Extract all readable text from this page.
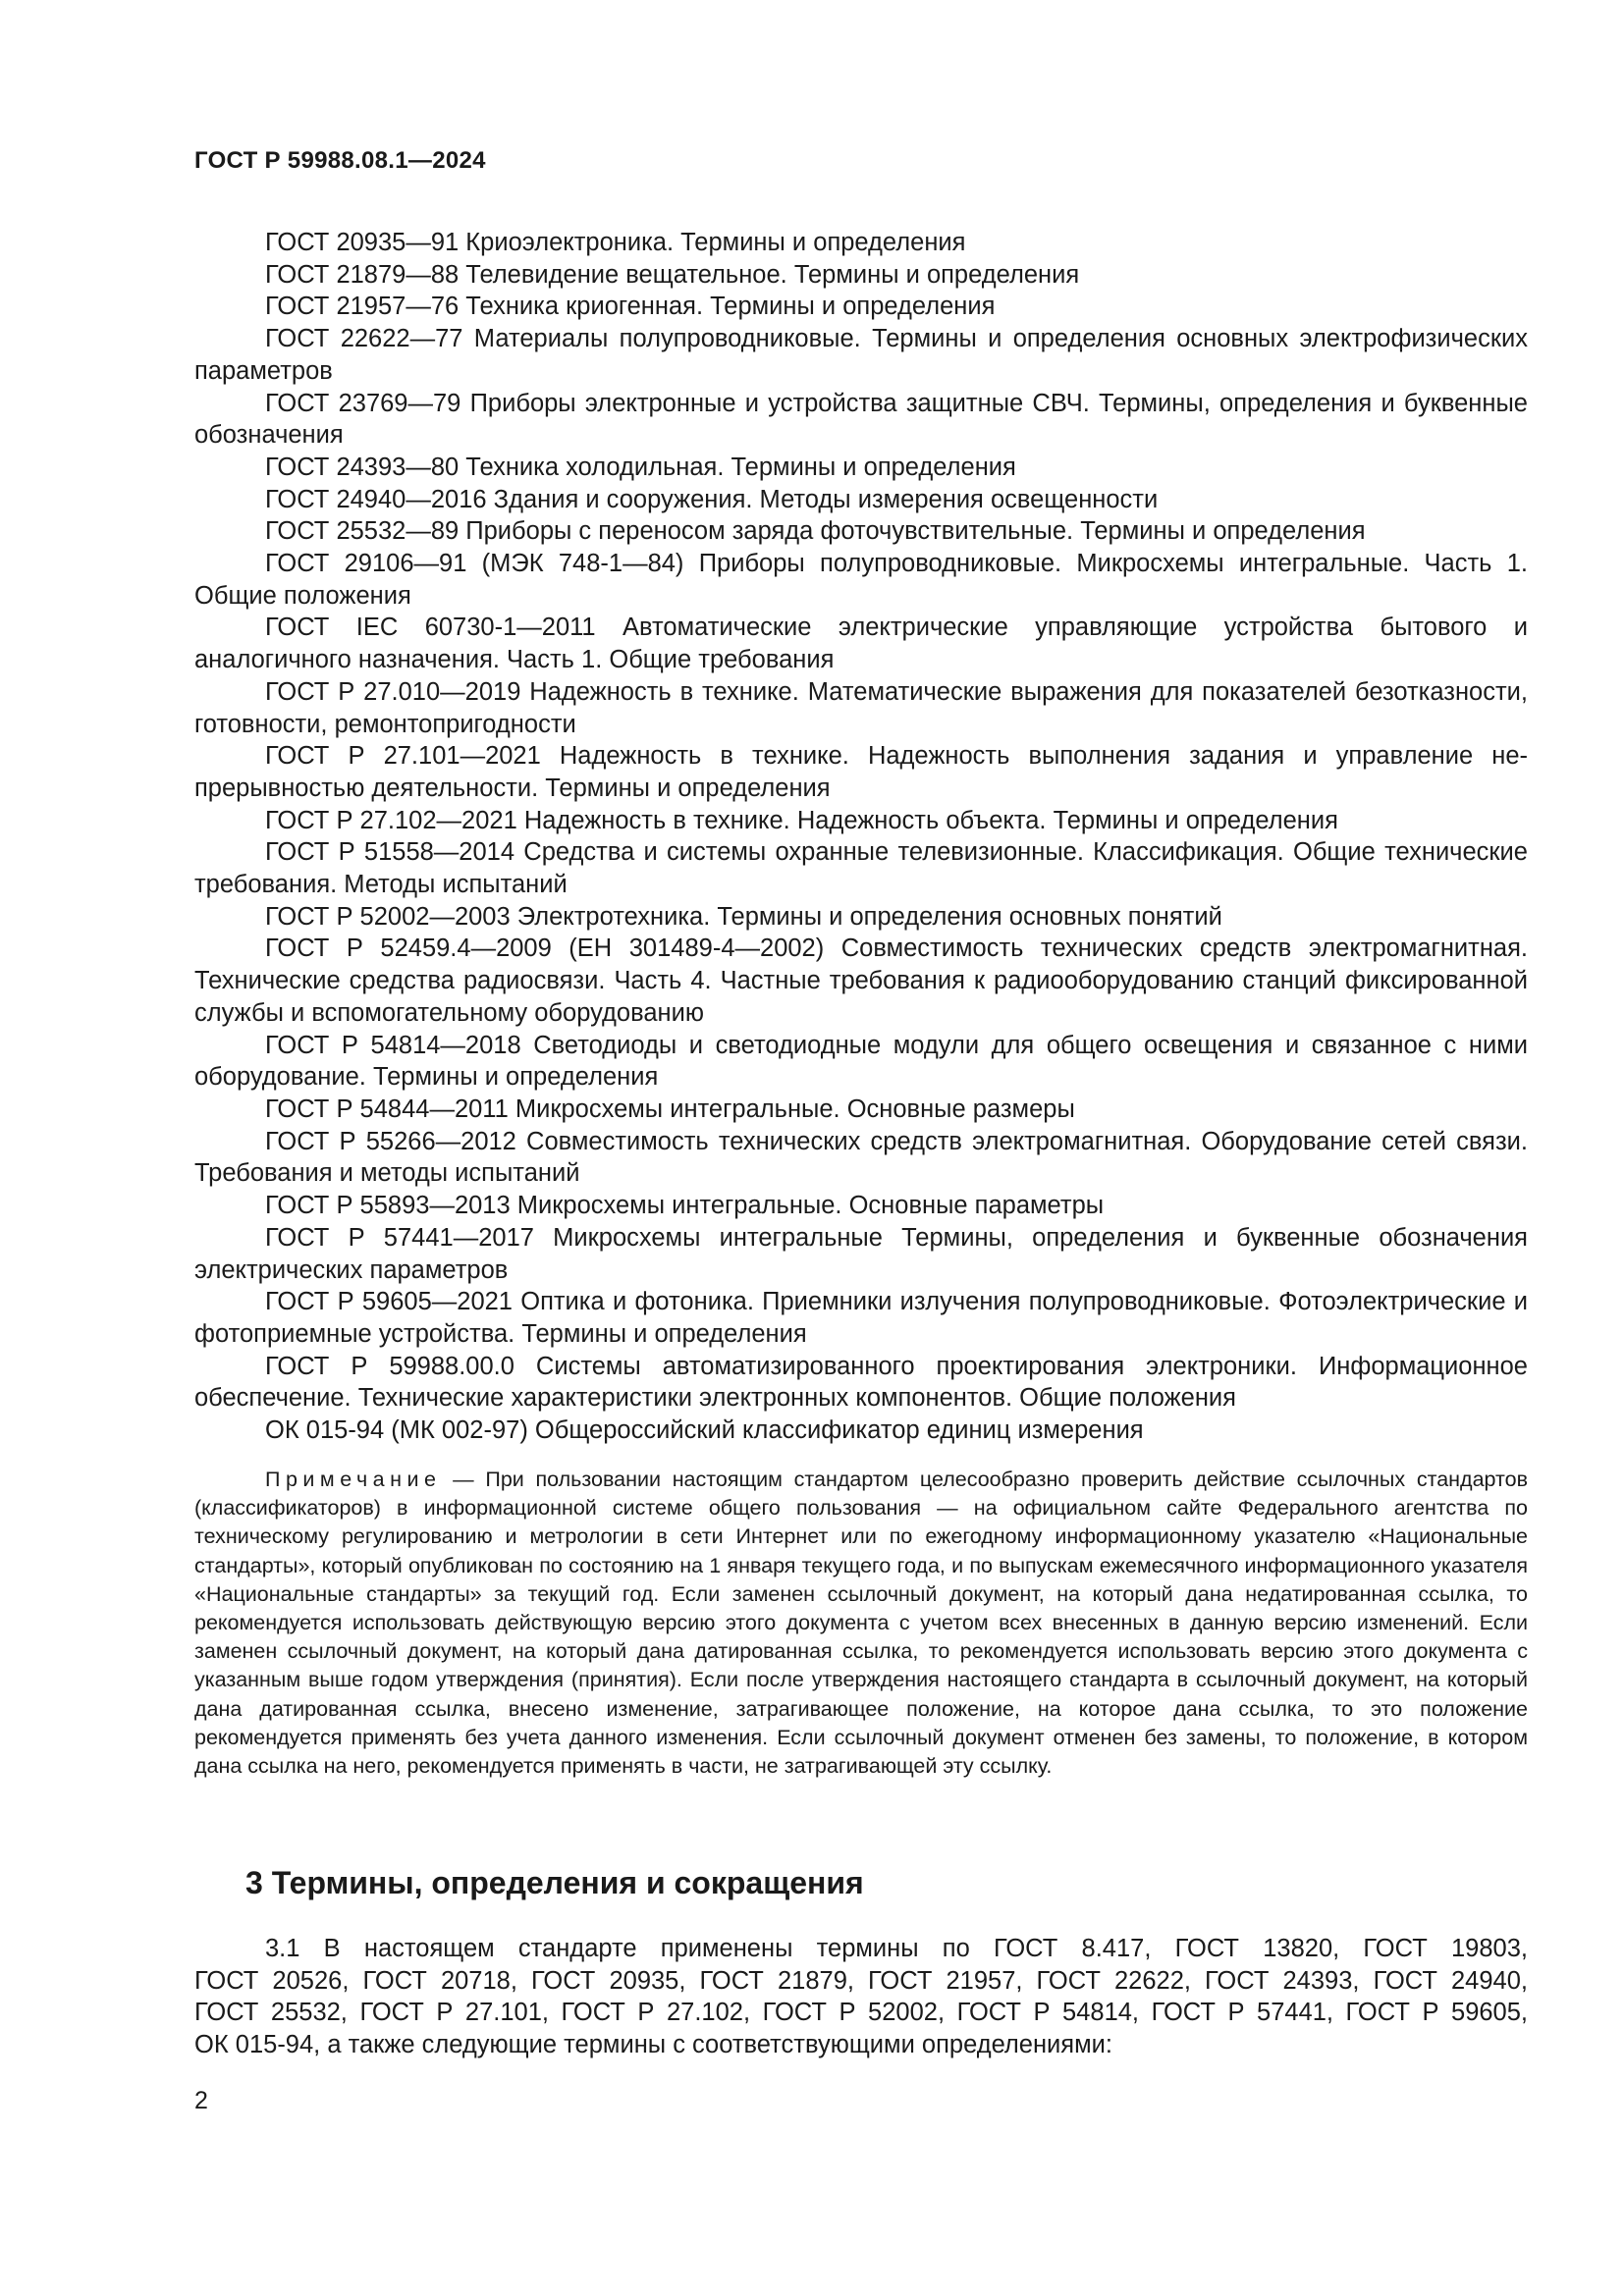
ГОСТ Р 59988.08.1—2024

ГОСТ 20935—91 Криоэлектроника. Термины и определения

ГОСТ 21879—88 Телевидение вещательное. Термины и определения

ГОСТ 21957—76 Техника криогенная. Термины и определения

ГОСТ 22622—77 Материалы полупроводниковые. Термины и определения основных электрофизических параметров

ГОСТ 23769—79 Приборы электронные и устройства защитные СВЧ. Термины, определения и буквенные обозначения

ГОСТ 24393—80 Техника холодильная. Термины и определения

ГОСТ 24940—2016 Здания и сооружения. Методы измерения освещенности

ГОСТ 25532—89 Приборы с переносом заряда фоточувствительные. Термины и определения

ГОСТ 29106—91 (МЭК 748-1—84) Приборы полупроводниковые. Микросхемы интегральные. Часть 1. Общие положения

ГОСТ IEC 60730-1—2011 Автоматические электрические управляющие устройства бытового и аналогичного назначения. Часть 1. Общие требования

ГОСТ Р 27.010—2019 Надежность в технике. Математические выражения для показателей безотказности, готовности, ремонтопригодности

ГОСТ Р 27.101—2021 Надежность в технике. Надежность выполнения задания и управление непрерывностью деятельности. Термины и определения

ГОСТ Р 27.102—2021 Надежность в технике. Надежность объекта. Термины и определения

ГОСТ Р 51558—2014 Средства и системы охранные телевизионные. Классификация. Общие технические требования. Методы испытаний

ГОСТ Р 52002—2003 Электротехника. Термины и определения основных понятий

ГОСТ Р 52459.4—2009 (ЕН 301489-4—2002) Совместимость технических средств электромагнитная. Технические средства радиосвязи. Часть 4. Частные требования к радиооборудованию станций фиксированной службы и вспомогательному оборудованию

ГОСТ Р 54814—2018 Светодиоды и светодиодные модули для общего освещения и связанное с ними оборудование. Термины и определения

ГОСТ Р 54844—2011 Микросхемы интегральные. Основные размеры

ГОСТ Р 55266—2012 Совместимость технических средств электромагнитная. Оборудование сетей связи. Требования и методы испытаний

ГОСТ Р 55893—2013 Микросхемы интегральные. Основные параметры

ГОСТ Р 57441—2017 Микросхемы интегральные Термины, определения и буквенные обозначения электрических параметров

ГОСТ Р 59605—2021 Оптика и фотоника. Приемники излучения полупроводниковые. Фотоэлектрические и фотоприемные устройства. Термины и определения

ГОСТ Р 59988.00.0 Системы автоматизированного проектирования электроники. Информационное обеспечение. Технические характеристики электронных компонентов. Общие положения

ОК 015-94 (МК 002-97) Общероссийский классификатор единиц измерения

Примечание — При пользовании настоящим стандартом целесообразно проверить действие ссылочных стандартов (классификаторов) в информационной системе общего пользования — на официальном сайте Федерального агентства по техническому регулированию и метрологии в сети Интернет или по ежегодному информационному указателю «Национальные стандарты», который опубликован по состоянию на 1 января текущего года, и по выпускам ежемесячного информационного указателя «Национальные стандарты» за текущий год. Если заменен ссылочный документ, на который дана недатированная ссылка, то рекомендуется использовать действующую версию этого документа с учетом всех внесенных в данную версию изменений. Если заменен ссылочный документ, на который дана датированная ссылка, то рекомендуется использовать версию этого документа с указанным выше годом утверждения (принятия). Если после утверждения настоящего стандарта в ссылочный документ, на который дана датированная ссылка, внесено изменение, затрагивающее положение, на которое дана ссылка, то это положение рекомендуется применять без учета данного изменения. Если ссылочный документ отменен без замены, то положение, в котором дана ссылка на него, рекомендуется применять в части, не затрагивающей эту ссылку.

3 Термины, определения и сокращения
3.1 В настоящем стандарте применены термины по ГОСТ 8.417, ГОСТ 13820, ГОСТ 19803,
ГОСТ 20526, ГОСТ 20718, ГОСТ 20935, ГОСТ 21879, ГОСТ 21957, ГОСТ 22622, ГОСТ 24393, ГОСТ 24940,
ГОСТ 25532, ГОСТ Р 27.101, ГОСТ Р 27.102, ГОСТ Р 52002, ГОСТ Р 54814, ГОСТ Р 57441, ГОСТ Р 59605,
ОК 015-94, а также следующие термины с соответствующими определениями:
2
